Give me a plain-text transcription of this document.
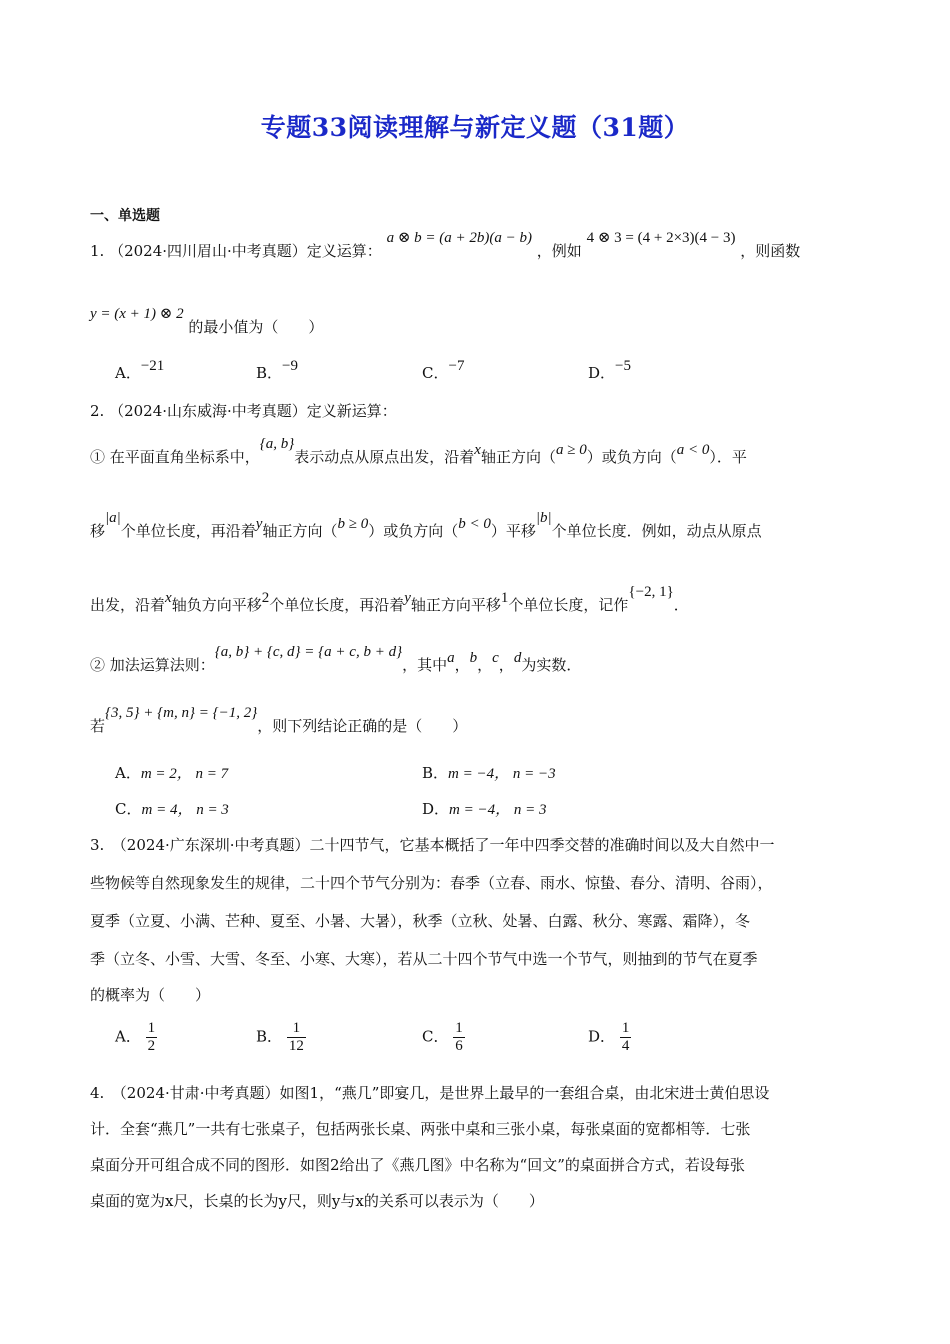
专题33阅读理解与新定义题（31题）
一、单选题
1. （2024·四川眉山·中考真题）定义运算： a ⊗ b = (a + 2b)(a − b) ，例如 4 ⊗ 3 = (4 + 2×3)(4 − 3) ，则函数
y = (x + 1) ⊗ 2 的最小值为（　　）
A．−21	B．−9	C．−7	D．−5
2. （2024·山东威海·中考真题）定义新运算：
① 在平面直角坐标系中，{a, b}表示动点从原点出发，沿着x轴正方向（a ≥ 0）或负方向（a < 0）．平
移|a|个单位长度，再沿着y轴正方向（b ≥ 0）或负方向（b < 0）平移|b|个单位长度．例如，动点从原点
出发，沿着x轴负方向平移2个单位长度，再沿着y轴正方向平移1个单位长度，记作{−2, 1}．
② 加法运算法则：{a, b} + {c, d} = {a + c, b + d}，其中a，b，c，d为实数．
若{3, 5} + {m, n} = {−1, 2}，则下列结论正确的是（　　）
A．m = 2， n = 7	B．m = −4， n = −3
C．m = 4， n = 3	D．m = −4， n = 3
3.　（2024·广东深圳·中考真题）二十四节气，它基本概括了一年中四季交替的准确时间以及大自然中一
些物候等自然现象发生的规律，二十四个节气分别为：春季（立春、雨水、惊蛰、春分、清明、谷雨），
夏季（立夏、小满、芒种、夏至、小暑、大暑），秋季（立秋、处暑、白露、秋分、寒露、霜降），冬
季（立冬、小雪、大雪、冬至、小寒、大寒），若从二十四个节气中选一个节气，则抽到的节气在夏季
的概率为（　　）
A． $\frac{1}{2}$	B． $\frac{1}{12}$	C． $\frac{1}{6}$	D． $\frac{1}{4}$
4.　（2024·甘肃·中考真题）如图1，“燕几”即宴几，是世界上最早的一套组合桌，由北宋进士黄伯思设
计．全套“燕几”一共有七张桌子，包括两张长桌、两张中桌和三张小桌，每张桌面的宽都相等．七张
桌面分开可组合成不同的图形．如图2给出了《燕几图》中名称为“回文”的桌面拼合方式，若设每张
桌面的宽为x尺，长桌的长为y尺，则y与x的关系可以表示为（　　）
